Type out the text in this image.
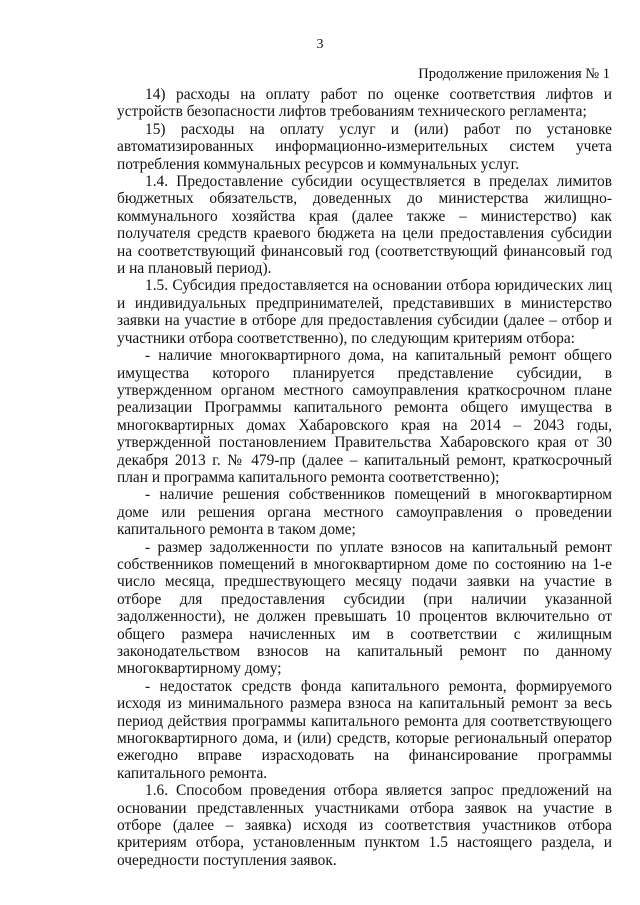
3
Продолжение приложения № 1

14) расходы на оплату работ по оценке соответствия лифтов и устройств безопасности лифтов требованиям технического регламента;

15) расходы на оплату услуг и (или) работ по установке автоматизированных информационно-измерительных систем учета потребления коммунальных ресурсов и коммунальных услуг.

1.4. Предоставление субсидии осуществляется в пределах лимитов бюджетных обязательств, доведенных до министерства жилищно-коммунального хозяйства края (далее также – министерство) как получателя средств краевого бюджета на цели предоставления субсидии на соответствующий финансовый год (соответствующий финансовый год и на плановый период).

1.5. Субсидия предоставляется на основании отбора юридических лиц и индивидуальных предпринимателей, представивших в министерство заявки на участие в отборе для предоставления субсидии (далее – отбор и участники отбора соответственно), по следующим критериям отбора:

- наличие многоквартирного дома, на капитальный ремонт общего имущества которого планируется представление субсидии, в утвержденном органом местного самоуправления краткосрочном плане реализации Программы капитального ремонта общего имущества в многоквартирных домах Хабаровского края на 2014 – 2043 годы, утвержденной постановлением Правительства Хабаровского края от 30 декабря 2013 г. № 479-пр (далее – капитальный ремонт, краткосрочный план и программа капитального ремонта соответственно);

- наличие решения собственников помещений в многоквартирном доме или решения органа местного самоуправления о проведении капитального ремонта в таком доме;

- размер задолженности по уплате взносов на капитальный ремонт собственников помещений в многоквартирном доме по состоянию на 1-е число месяца, предшествующего месяцу подачи заявки на участие в отборе для предоставления субсидии (при наличии указанной задолженности), не должен превышать 10 процентов включительно от общего размера начисленных им в соответствии с жилищным законодательством взносов на капитальный ремонт по данному многоквартирному дому;

- недостаток средств фонда капитального ремонта, формируемого исходя из минимального размера взноса на капитальный ремонт за весь период действия программы капитального ремонта для соответствующего многоквартирного дома, и (или) средств, которые региональный оператор ежегодно вправе израсходовать на финансирование программы капитального ремонта.

1.6. Способом проведения отбора является запрос предложений на основании представленных участниками отбора заявок на участие в отборе (далее – заявка) исходя из соответствия участников отбора критериям отбора, установленным пунктом 1.5 настоящего раздела, и очередности поступления заявок.
